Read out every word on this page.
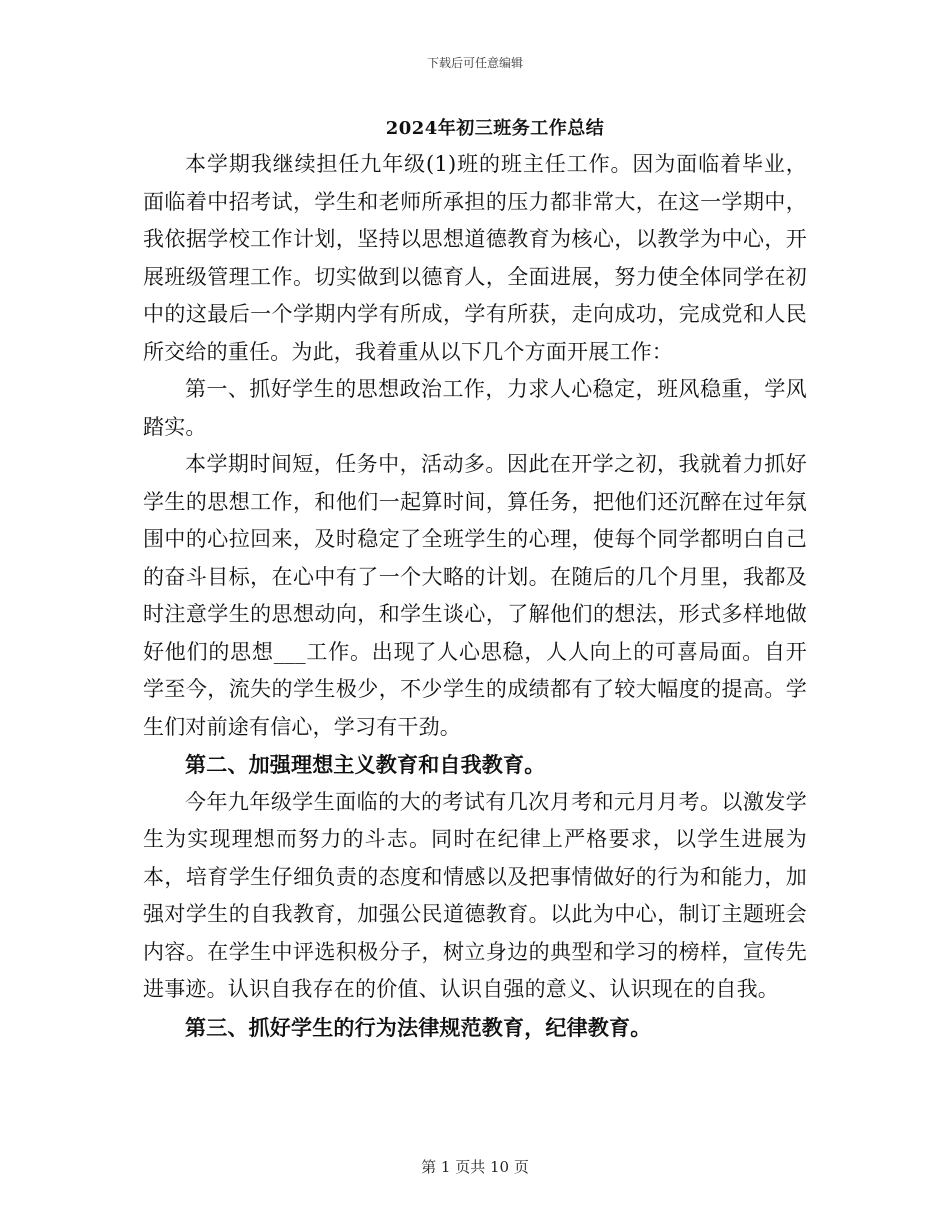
下载后可任意编辑
2024年初三班务工作总结

本学期我继续担任九年级(1)班的班主任工作。因为面临着毕业，面临着中招考试，学生和老师所承担的压力都非常大，在这一学期中，我依据学校工作计划，坚持以思想道德教育为核心，以教学为中心，开展班级管理工作。切实做到以德育人，全面进展，努力使全体同学在初中的这最后一个学期内学有所成，学有所获，走向成功，完成党和人民所交给的重任。为此，我着重从以下几个方面开展工作：

第一、抓好学生的思想政治工作，力求人心稳定，班风稳重，学风踏实。

本学期时间短，任务中，活动多。因此在开学之初，我就着力抓好学生的思想工作，和他们一起算时间，算任务，把他们还沉醉在过年氛围中的心拉回来，及时稳定了全班学生的心理，使每个同学都明白自己的奋斗目标，在心中有了一个大略的计划。在随后的几个月里，我都及时注意学生的思想动向，和学生谈心，了解他们的想法，形式多样地做好他们的思想___工作。出现了人心思稳，人人向上的可喜局面。自开学至今，流失的学生极少，不少学生的成绩都有了较大幅度的提高。学生们对前途有信心，学习有干劲。

第二、加强理想主义教育和自我教育。

今年九年级学生面临的大的考试有几次月考和元月月考。以激发学生为实现理想而努力的斗志。同时在纪律上严格要求，以学生进展为本，培育学生仔细负责的态度和情感以及把事情做好的行为和能力，加强对学生的自我教育，加强公民道德教育。以此为中心，制订主题班会内容。在学生中评选积极分子，树立身边的典型和学习的榜样，宣传先进事迹。认识自我存在的价值、认识自强的意义、认识现在的自我。

第三、抓好学生的行为法律规范教育，纪律教育。

第 1 页共 10 页
